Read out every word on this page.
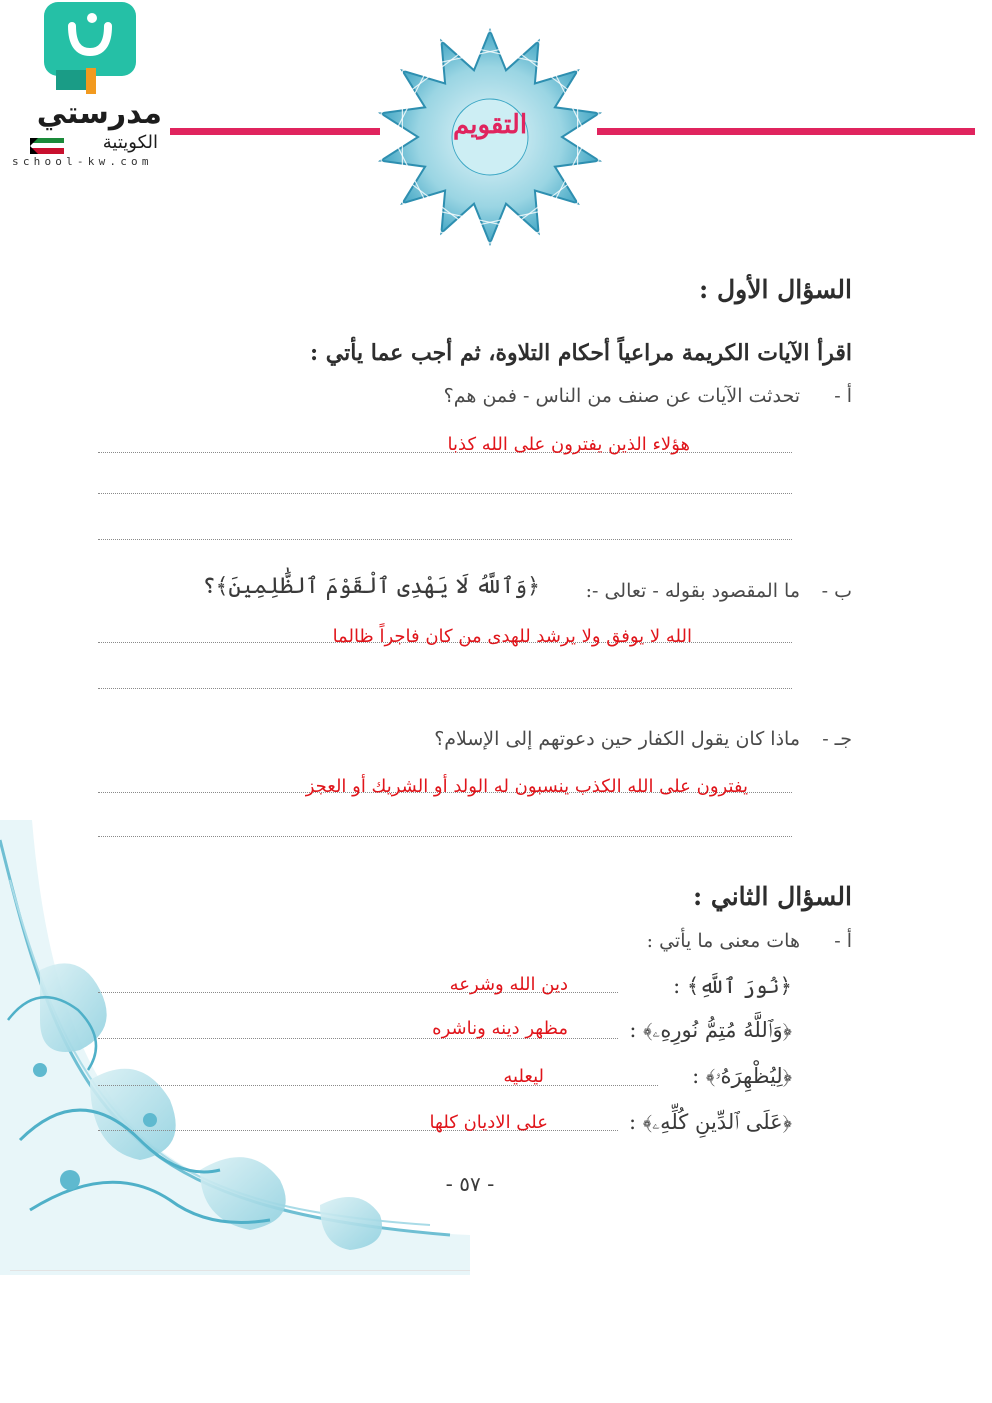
مدرستي
الكويتية
school-kw.com
التقويم
السؤال الأول :
اقرأ الآيات الكريمة مراعياً أحكام التلاوة، ثم أجب عما يأتي :
أ -
تحدثت الآيات عن صنف من الناس - فمن هم؟
هؤلاء الذين يفترون على الله كذبا
ب -
ما المقصود بقوله - تعالى -:
﴿وَٱللَّهُ لَا يَهْدِى ٱلْقَوْمَ ٱلظَّٰلِمِينَ﴾؟
الله لا يوفق ولا يرشد للهدى من كان فاجراً ظالما
جـ -
ماذا كان يقول الكفار حين دعوتهم إلى الإسلام؟
يفترون على الله الكذب ينسبون له الولد أو الشريك أو العجز
السؤال الثاني :
أ -
هات معنى ما يأتي :
﴿نُورَ ٱللَّهِ﴾ :
دين الله وشرعه
﴿وَٱللَّهُ مُتِمُّ نُورِهِۦ﴾ :
مظهر دينه وناشره
﴿لِيُظْهِرَهُۥ﴾ :
ليعليه
﴿عَلَى ٱلدِّينِ كُلِّهِۦ﴾ :
على الاديان كلها
- ٥٧ -
